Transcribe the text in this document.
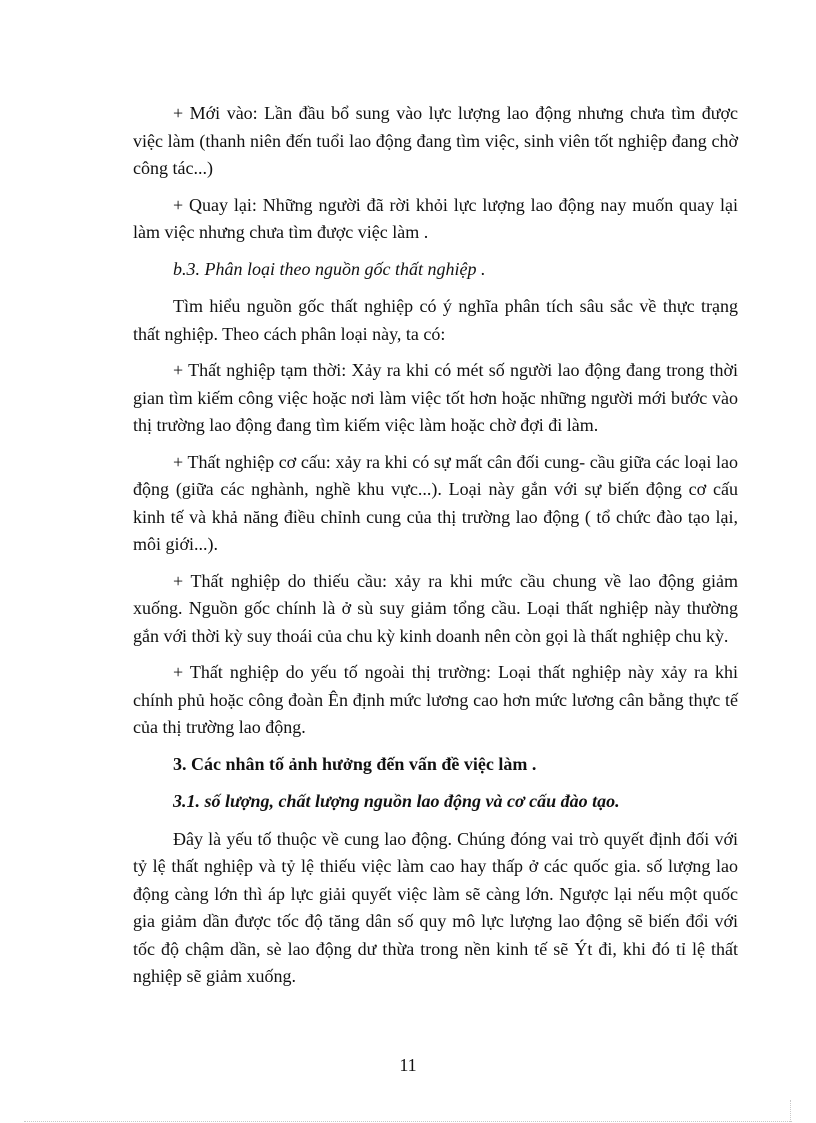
+ Mới vào: Lần đầu bổ sung vào lực lượng lao động nhưng chưa tìm được việc làm (thanh niên đến tuổi lao động đang tìm việc, sinh viên tốt nghiệp đang chờ công tác...)

+ Quay lại: Những người đã rời khỏi lực lượng lao động nay muốn quay lại làm việc nhưng chưa tìm được việc làm .

b.3. Phân loại theo nguồn gốc thất nghiệp .

Tìm hiểu nguồn gốc thất nghiệp có ý nghĩa phân tích sâu sắc về thực trạng thất nghiệp. Theo cách phân loại này, ta có:

+ Thất nghiệp tạm thời: Xảy ra khi có mét số người lao động đang trong thời gian tìm kiếm công việc hoặc nơi làm việc tốt hơn hoặc những người mới bước vào thị trường lao động đang tìm kiếm việc làm hoặc chờ đợi đi làm.

+ Thất nghiệp cơ cấu: xảy ra khi có sự mất cân đối cung- cầu giữa các loại lao động (giữa các nghành, nghề khu vực...). Loại này gắn với sự biến động cơ cấu kinh tế và khả năng điều chỉnh cung của thị trường lao động ( tổ chức đào tạo lại, môi giới...).

+ Thất nghiệp do thiếu cầu: xảy ra khi mức cầu chung về lao động giảm xuống. Nguồn gốc chính là ở sù suy giảm tổng cầu. Loại thất nghiệp này thường gắn với thời kỳ suy thoái của chu kỳ kinh doanh nên còn gọi là thất nghiệp chu kỳ.

+ Thất nghiệp do yếu tố ngoài thị trường: Loại thất nghiệp này xảy ra khi chính phủ hoặc công đoàn Ên định mức lương cao hơn mức lương cân bằng thực tế của thị trường lao động.

3. Các nhân tố ảnh hưởng đến vấn đề việc làm .

3.1. số lượng, chất lượng nguồn lao động và cơ cấu đào tạo.

Đây là yếu tố thuộc về cung lao động. Chúng đóng vai trò quyết định đối với tỷ lệ thất nghiệp và tỷ lệ thiếu việc làm cao hay thấp ở các quốc gia. số lượng lao động càng lớn thì áp lực giải quyết việc làm sẽ càng lớn. Ngược lại nếu một quốc gia giảm dần được tốc độ tăng dân số quy mô lực lượng lao động sẽ biến đổi với tốc độ chậm dần, sè lao động dư thừa trong nền kinh tế sẽ Ýt đi, khi đó tỉ lệ thất nghiệp sẽ giảm xuống.

11
